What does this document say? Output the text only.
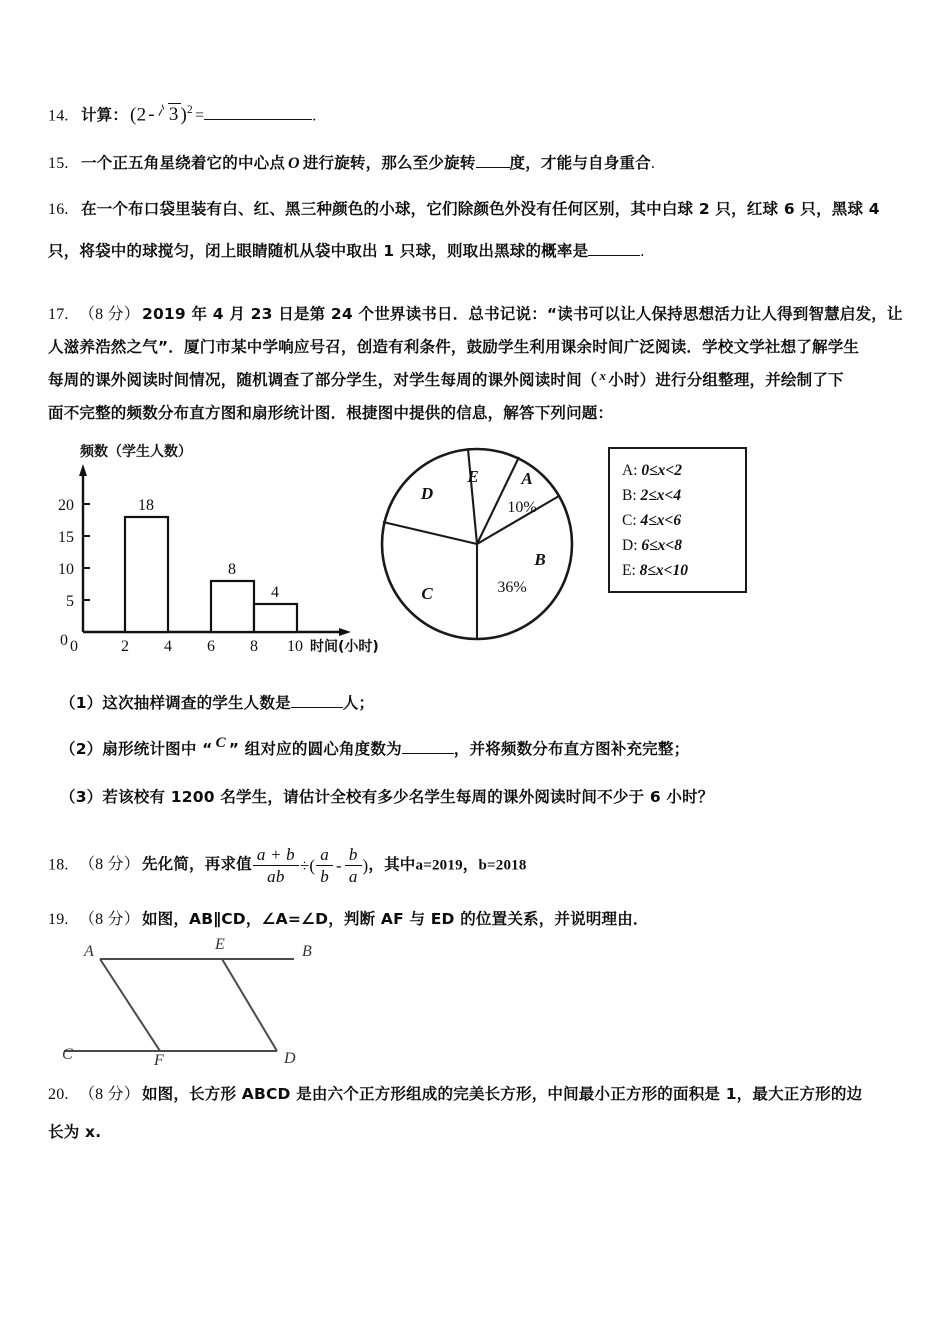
14. 计算： (2 - 3 )$^2$ =	.
15. 一个正五角星绕着它的中心点 O 进行旋转，那么至少旋转 度，才能与自身重合.
16. 在一个布口袋里装有白、红、黑三种颜色的小球，它们除颜色外没有任何区别，其中白球 2 只，红球 6 只，黑球 4
只，将袋中的球搅匀，闭上眼睛随机从袋中取出 1 只球，则取出黑球的概率是	.
17. （8 分） 2019 年 4 月 23 日是第 24 个世界读书日．总书记说：“读书可以让人保持思想活力让人得到智慧启发，让
人滋养浩然之气”．厦门市某中学响应号召，创造有利条件，鼓励学生利用课余时间广泛阅读．学校文学社想了解学生
每周的课外阅读时间情况，随机调查了部分学生，对学生每周的课外阅读时间（ $^x$ 小时）进行分组整理，并绘制了下
面不完整的频数分布直方图和扇形统计图．根捷图中提供的信息，解答下列问题：
频数（学生人数）
0
5
10
15
20
0	2 4 6 8 10 时间(小时)
18
8
4
A
10%
B
36%
C
D
E	A: 0≤x<2
B: 2≤x<4
C: 4≤x<6
D: 6≤x<8
E: 8≤x<10
（1）这次抽样调查的学生人数是	人；
（2）扇形统计图中 “ C ” 组对应的圆心角度数为	，并将频数分布直方图补充完整；
（3）若该校有 1200 名学生，请估计全校有多少名学生每周的课外阅读时间不少于 6 小时？
18. （8 分） 先化简，再求值 $\frac{a + b}{ab}$ ÷( $\frac{a}{b} - \frac{b}{a}$ )，其中a=2019，b=2018
19. （8 分） 如图，AB∥CD，∠A=∠D，判断 AF 与 ED 的位置关系，并说明理由．
A	E	B
C	F	D
20. （8 分） 如图，长方形 ABCD 是由六个正方形组成的完美长方形，中间最小正方形的面积是 1，最大正方形的边
长为 x.
